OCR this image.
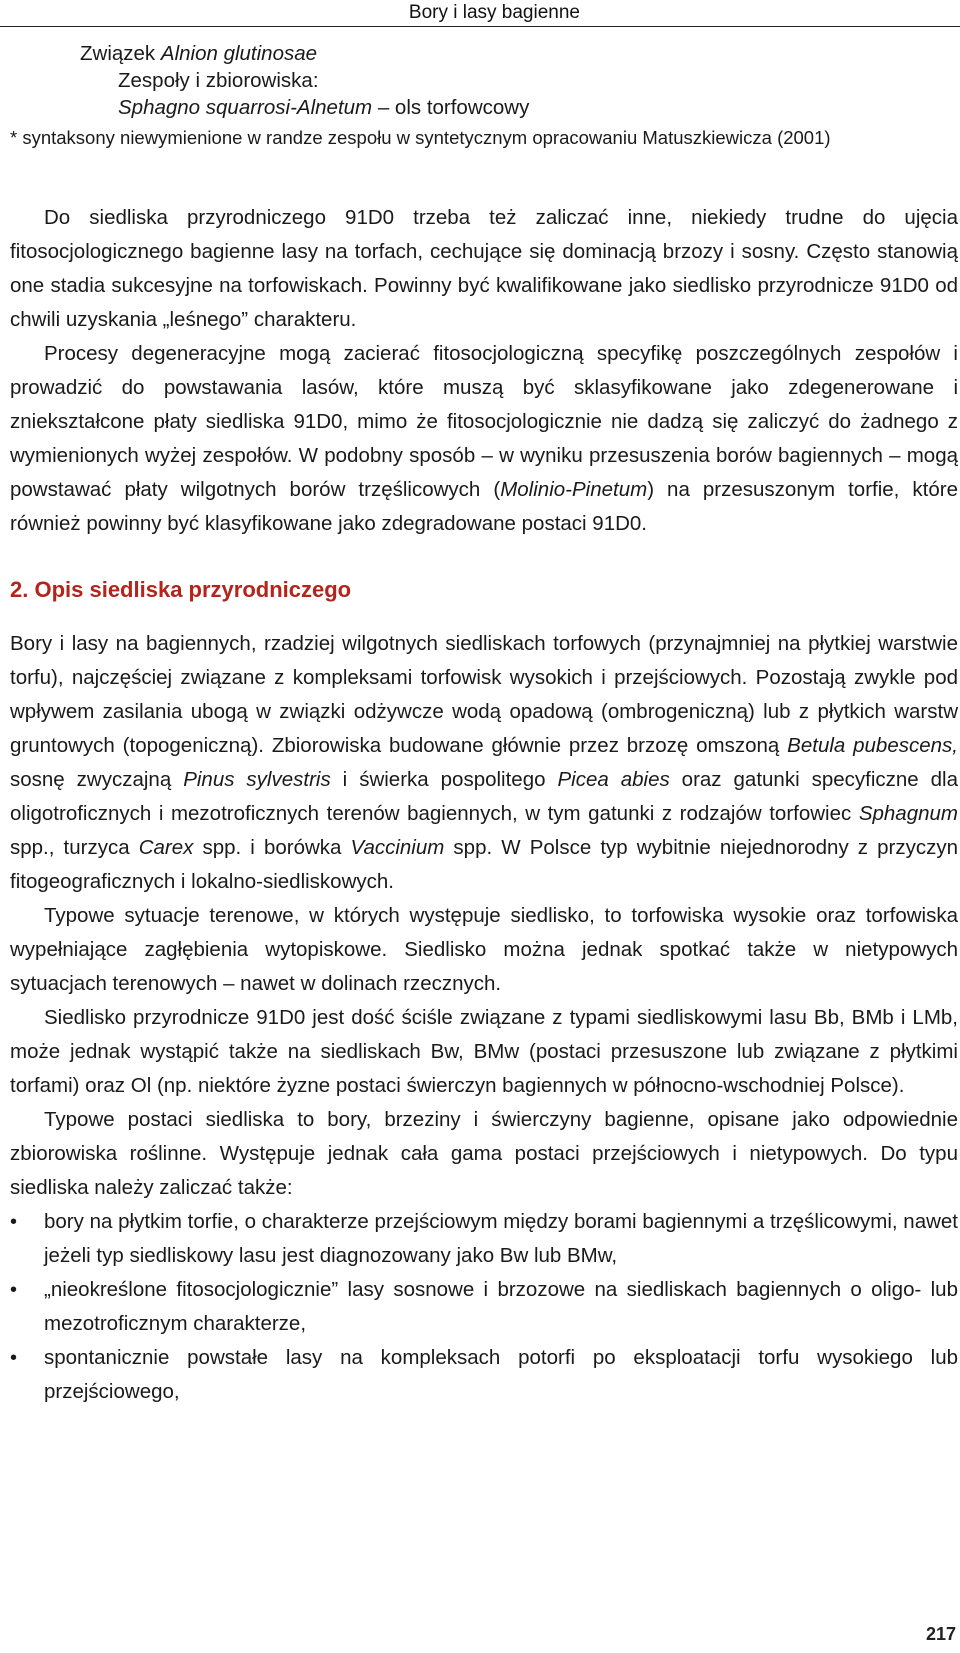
Bory i lasy bagienne
Związek Alnion glutinosae
Zespoły i zbiorowiska:
Sphagno squarrosi-Alnetum – ols torfowcowy
* syntaksony niewymienione w randze zespołu w syntetycznym opracowaniu Matuszkiewicza (2001)

Do siedliska przyrodniczego 91D0 trzeba też zaliczać inne, niekiedy trudne do ujęcia fitosocjologicznego bagienne lasy na torfach, cechujące się dominacją brzozy i sosny. Często stanowią one stadia sukcesyjne na torfowiskach. Powinny być kwalifikowane jako siedlisko przyrodnicze 91D0 od chwili uzyskania „leśnego” charakteru.

Procesy degeneracyjne mogą zacierać fitosocjologiczną specyfikę poszczególnych zespołów i prowadzić do powstawania lasów, które muszą być sklasyfikowane jako zdegenerowane i zniekształcone płaty siedliska 91D0, mimo że fitosocjologicznie nie dadzą się zaliczyć do żadnego z wymienionych wyżej zespołów. W podobny sposób – w wyniku przesuszenia borów bagiennych – mogą powstawać płaty wilgotnych borów trzęślicowych (Molinio-Pinetum) na przesuszonym torfie, które również powinny być klasyfikowane jako zdegradowane postaci 91D0.

2. Opis siedliska przyrodniczego

Bory i lasy na bagiennych, rzadziej wilgotnych siedliskach torfowych (przynajmniej na płytkiej warstwie torfu), najczęściej związane z kompleksami torfowisk wysokich i przejściowych. Pozostają zwykle pod wpływem zasilania ubogą w związki odżywcze wodą opadową (ombrogeniczną) lub z płytkich warstw gruntowych (topogeniczną). Zbiorowiska budowane głównie przez brzozę omszoną Betula pubescens, sosnę zwyczajną Pinus sylvestris i świerka pospolitego Picea abies oraz gatunki specyficzne dla oligotroficznych i mezotroficznych terenów bagiennych, w tym gatunki z rodzajów torfowiec Sphagnum spp., turzyca Carex spp. i borówka Vaccinium spp. W Polsce typ wybitnie niejednorodny z przyczyn fitogeograficznych i lokalno-siedliskowych.

Typowe sytuacje terenowe, w których występuje siedlisko, to torfowiska wysokie oraz torfowiska wypełniające zagłębienia wytopiskowe. Siedlisko można jednak spotkać także w nietypowych sytuacjach terenowych – nawet w dolinach rzecznych.

Siedlisko przyrodnicze 91D0 jest dość ściśle związane z typami siedliskowymi lasu Bb, BMb i LMb, może jednak wystąpić także na siedliskach Bw, BMw (postaci przesuszone lub związane z płytkimi torfami) oraz Ol (np. niektóre żyzne postaci świerczyn bagiennych w północno-wschodniej Polsce).

Typowe postaci siedliska to bory, brzeziny i świerczyny bagienne, opisane jako odpowiednie zbiorowiska roślinne. Występuje jednak cała gama postaci przejściowych i nietypowych. Do typu siedliska należy zaliczać także:

• bory na płytkim torfie, o charakterze przejściowym między borami bagiennymi a trzęślicowymi, nawet jeżeli typ siedliskowy lasu jest diagnozowany jako Bw lub BMw,
• „nieokreślone fitosocjologicznie” lasy sosnowe i brzozowe na siedliskach bagiennych o oligo- lub mezotroficznym charakterze,
• spontanicznie powstałe lasy na kompleksach potorfi po eksploatacji torfu wysokiego lub przejściowego,
217
